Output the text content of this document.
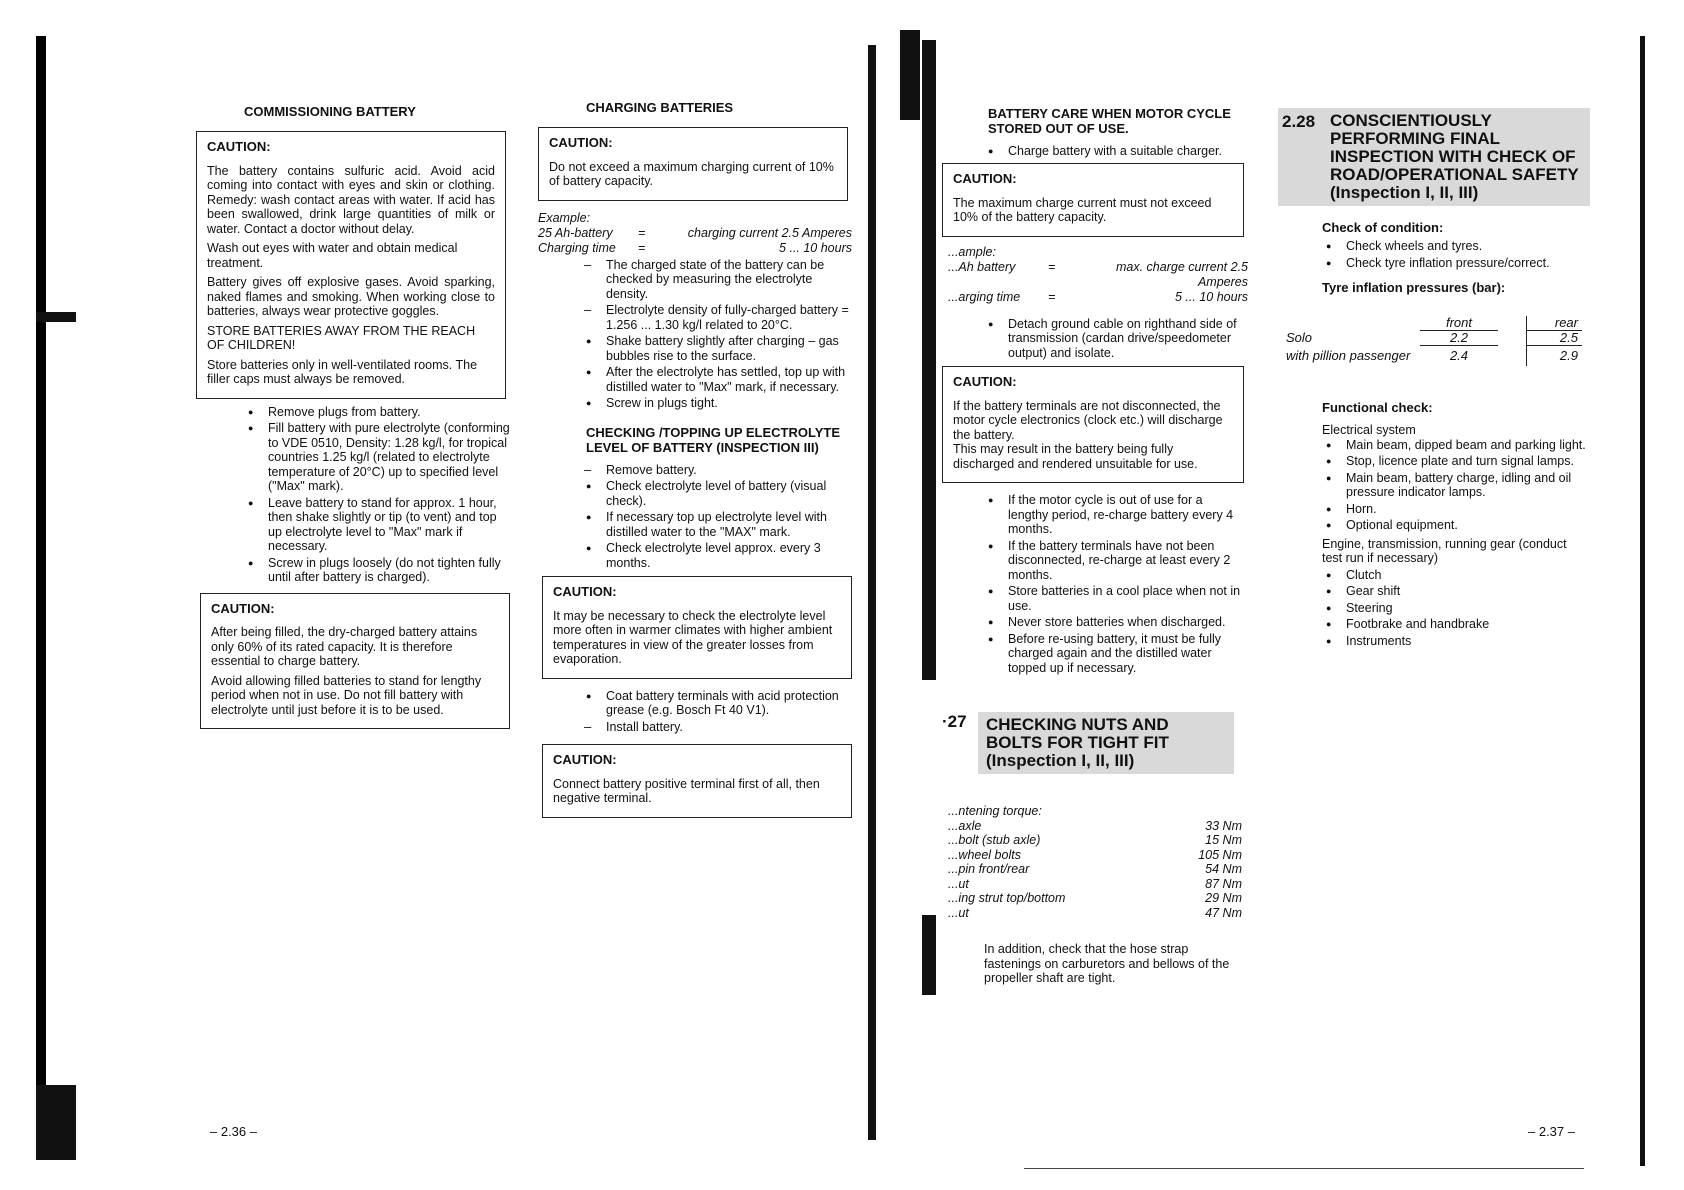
COMMISSIONING BATTERY

CAUTION:

The battery contains sulfuric acid. Avoid acid coming into contact with eyes and skin or clothing. Remedy: wash contact areas with water. If acid has been swallowed, drink large quantities of milk or water. Contact a doctor without delay.

Wash out eyes with water and obtain medical treatment.

Battery gives off explosive gases. Avoid sparking, naked flames and smoking. When working close to batteries, always wear protective goggles.

STORE BATTERIES AWAY FROM THE REACH OF CHILDREN!

Store batteries only in well-ventilated rooms. The filler caps must always be removed.

● Remove plugs from battery.
● Fill battery with pure electrolyte (conforming to VDE 0510, Density: 1.28 kg/l, for tropical countries 1.25 kg/l (related to electrolyte temperature of 20°C) up to specified level ("Max" mark).
● Leave battery to stand for approx. 1 hour, then shake slightly or tip (to vent) and top up electrolyte level to "Max" mark if necessary.
● Screw in plugs loosely (do not tighten fully until after battery is charged).

CAUTION:

After being filled, the dry-charged battery attains only 60% of its rated capacity. It is therefore essential to charge battery.

Avoid allowing filled batteries to stand for lengthy period when not in use. Do not fill battery with electrolyte until just before it is to be used.

CHARGING BATTERIES

CAUTION:

Do not exceed a maximum charging current of 10% of battery capacity.

Example:
25 Ah-battery	=	charging current 2.5 Amperes
Charging time	=	5 ... 10 hours
– The charged state of the battery can be checked by measuring the electrolyte density.
– Electrolyte density of fully-charged battery = 1.256 ... 1.30 kg/l related to 20°C.
● Shake battery slightly after charging – gas bubbles rise to the surface.
● After the electrolyte has settled, top up with distilled water to "Max" mark, if necessary.
● Screw in plugs tight.
CHECKING /TOPPING UP ELECTROLYTE LEVEL OF BATTERY (INSPECTION III)
– Remove battery.
● Check electrolyte level of battery (visual check).
● If necessary top up electrolyte level with distilled water to the "MAX" mark.
● Check electrolyte level approx. every 3 months.

CAUTION:

It may be necessary to check the electrolyte level more often in warmer climates with higher ambient temperatures in view of the greater losses from evaporation.

● Coat battery terminals with acid protection grease (e.g. Bosch Ft 40 V1).
– Install battery.

CAUTION:

Connect battery positive terminal first of all, then negative terminal.

– 2.36 –
BATTERY CARE WHEN MOTOR CYCLE STORED OUT OF USE.
● Charge battery with a suitable charger.

CAUTION:

The maximum charge current must not exceed 10% of the battery capacity.

...ample:
...Ah battery	=	max. charge current 2.5 Amperes
...arging time	=	5 ... 10 hours
● Detach ground cable on righthand side of transmission (cardan drive/speedometer output) and isolate.

CAUTION:

If the battery terminals are not disconnected, the motor cycle electronics (clock etc.) will discharge the battery.

This may result in the battery being fully discharged and rendered unsuitable for use.

● If the motor cycle is out of use for a lengthy period, re-charge battery every 4 months.
● If the battery terminals have not been disconnected, re-charge at least every 2 months.
● Store batteries in a cool place when not in use.
● Never store batteries when discharged.
● Before re-using battery, it must be fully charged again and the distilled water topped up if necessary.
·27	CHECKING NUTS AND BOLTS FOR TIGHT FIT (Inspection I, II, III)
...ntening torque:
...axle	33 Nm
...bolt (stub axle)	15 Nm
...wheel bolts	105 Nm
...pin front/rear	54 Nm
...ut	87 Nm
...ing strut top/bottom	29 Nm
...ut	47 Nm
In addition, check that the hose strap fastenings on carburetors and bellows of the propeller shaft are tight.
2.28 CONSCIENTIOUSLY PERFORMING FINAL INSPECTION WITH CHECK OF ROAD/OPERATIONAL SAFETY (Inspection I, II, III)
Check of condition:
● Check wheels and tyres.
● Check tyre inflation pressure/correct.
Tyre inflation pressures (bar):
	front		rear
Solo	2.2		2.5
with pillion passenger	2.4		2.9
Functional check:
Electrical system
● Main beam, dipped beam and parking light.
● Stop, licence plate and turn signal lamps.
● Main beam, battery charge, idling and oil pressure indicator lamps.
● Horn.
● Optional equipment.
Engine, transmission, running gear (conduct test run if necessary)
● Clutch
● Gear shift
● Steering
● Footbrake and handbrake
● Instruments
– 2.37 –
